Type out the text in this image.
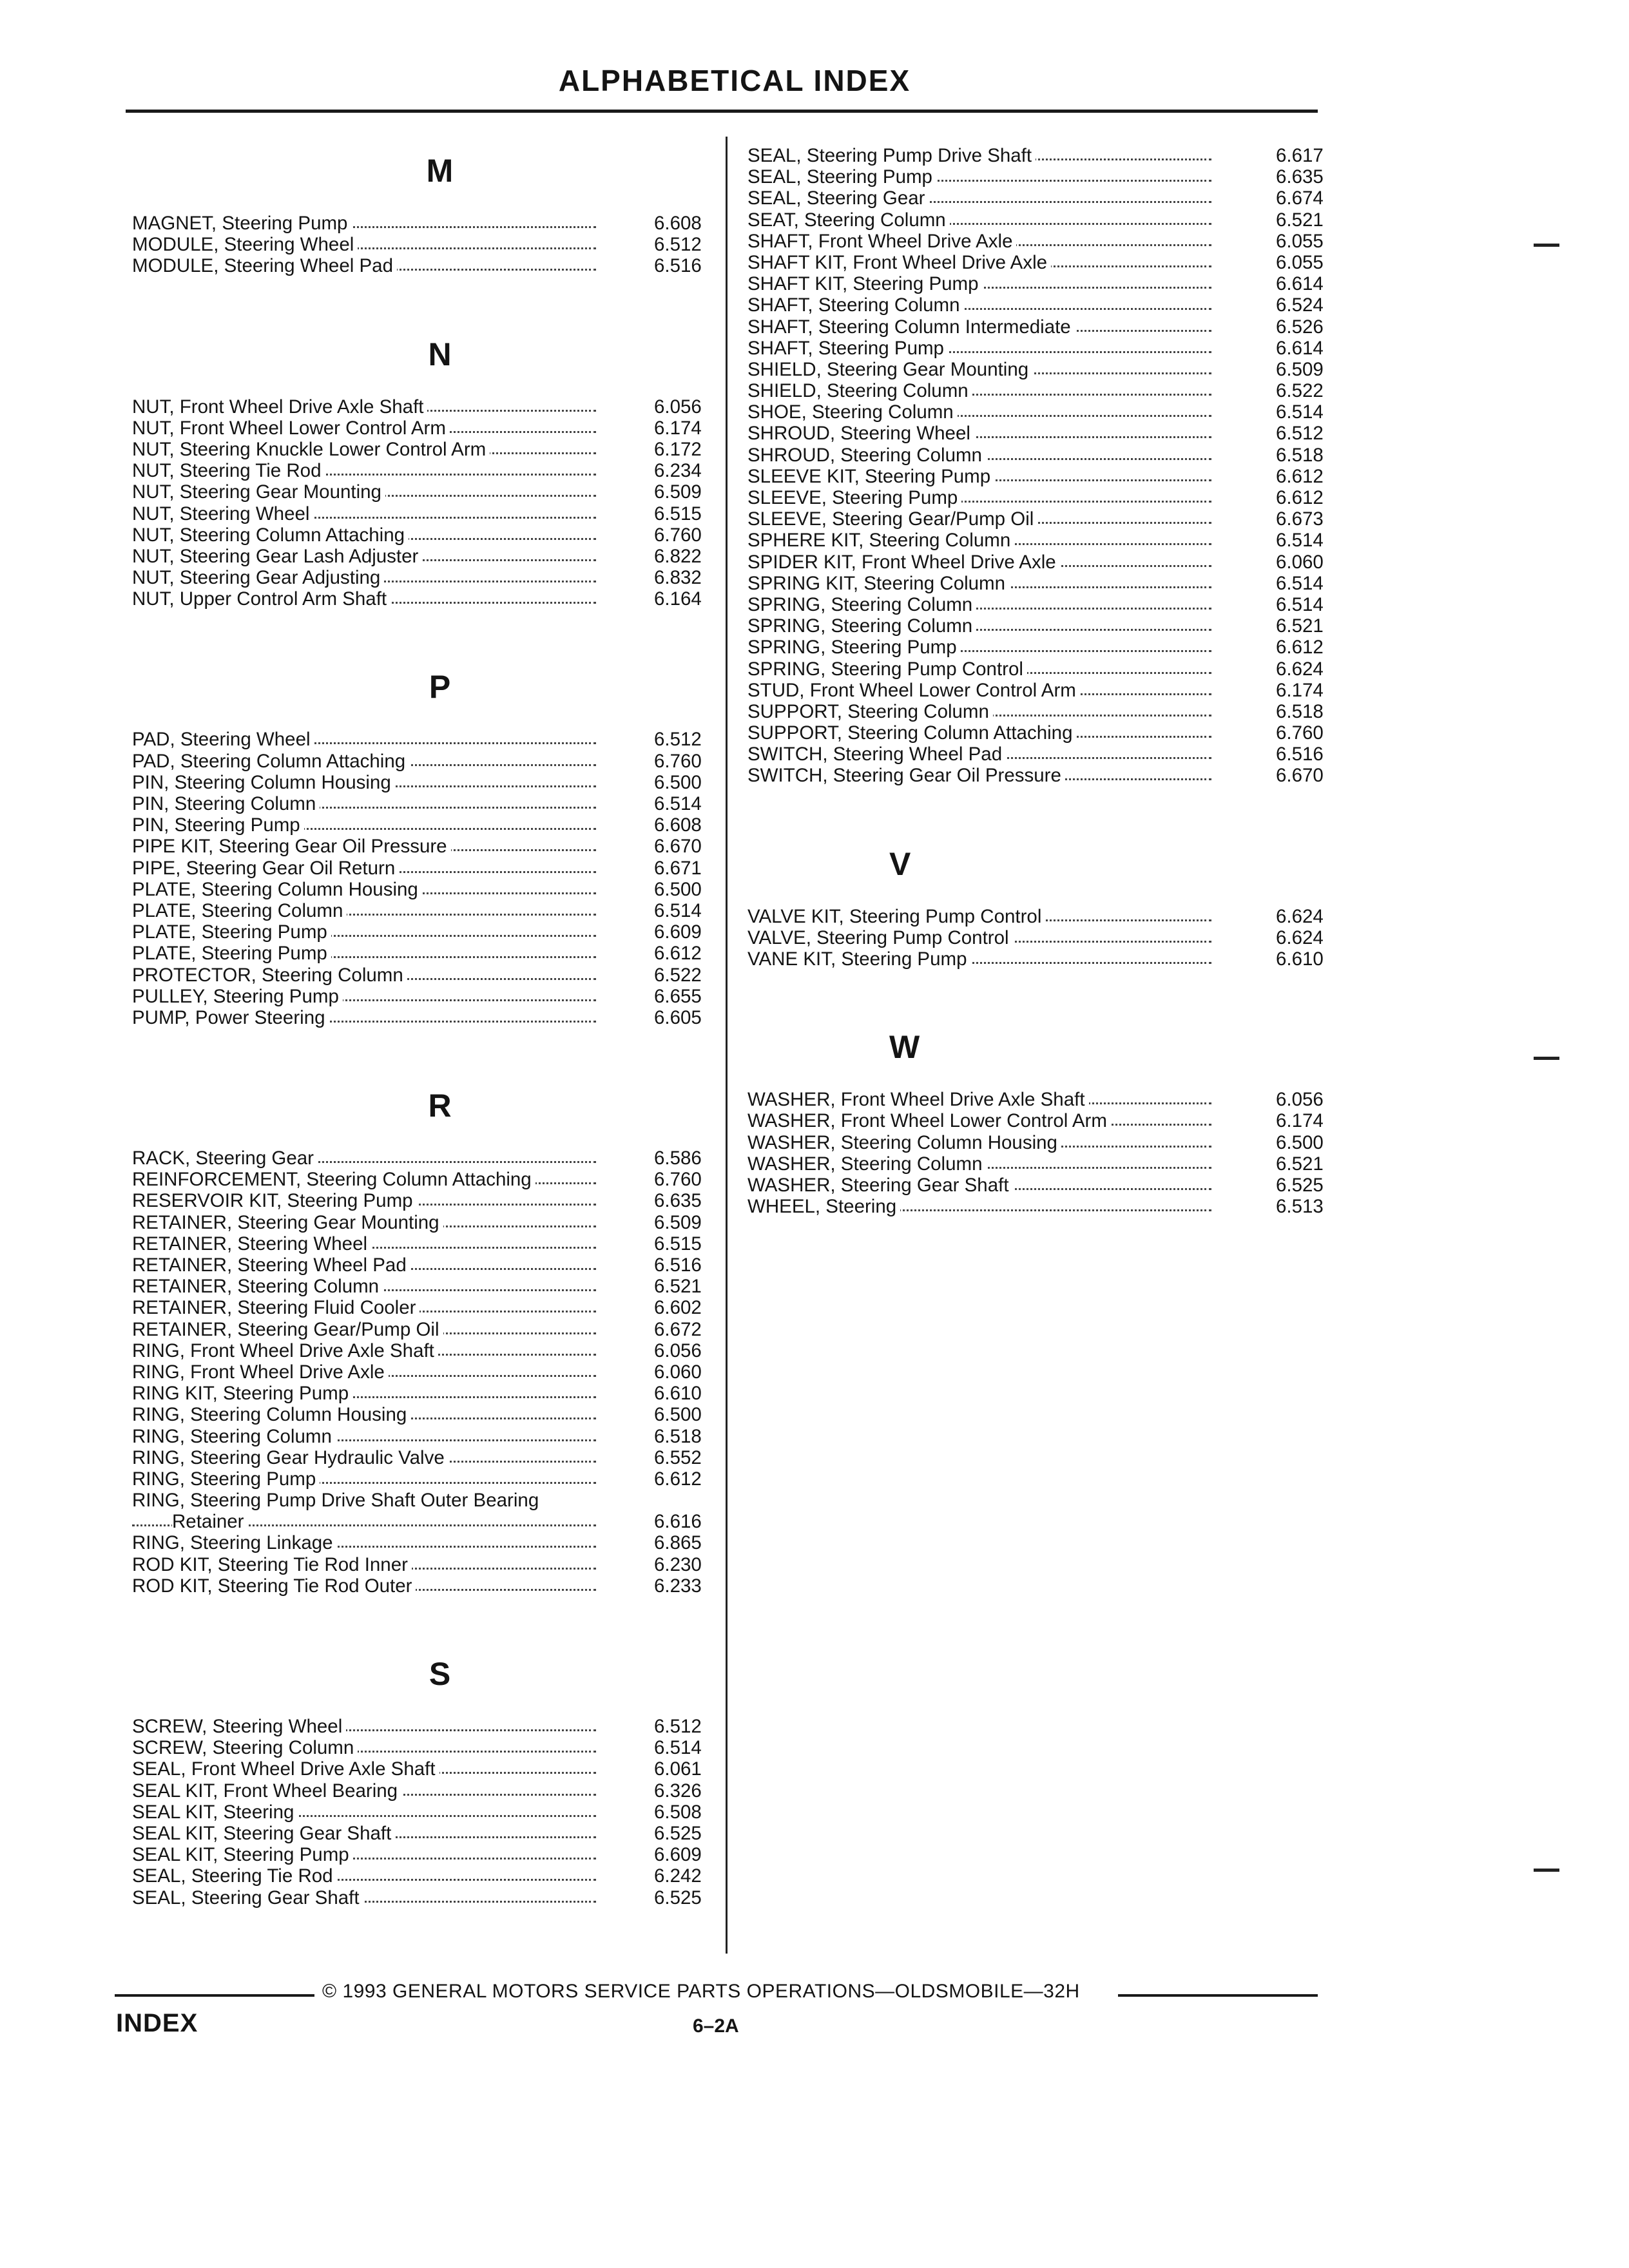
ALPHABETICAL INDEX
M
MAGNET, Steering Pump	6.608
MODULE, Steering Wheel	6.512
MODULE, Steering Wheel Pad	6.516
N
NUT, Front Wheel Drive Axle Shaft	6.056
NUT, Front Wheel Lower Control Arm	6.174
NUT, Steering Knuckle Lower Control Arm	6.172
NUT, Steering Tie Rod	6.234
NUT, Steering Gear Mounting	6.509
NUT, Steering Wheel	6.515
NUT, Steering Column Attaching	6.760
NUT, Steering Gear Lash Adjuster	6.822
NUT, Steering Gear Adjusting	6.832
NUT, Upper Control Arm Shaft	6.164
P
PAD, Steering Wheel	6.512
PAD, Steering Column Attaching	6.760
PIN, Steering Column Housing	6.500
PIN, Steering Column	6.514
PIN, Steering Pump	6.608
PIPE KIT, Steering Gear Oil Pressure	6.670
PIPE, Steering Gear Oil Return	6.671
PLATE, Steering Column Housing	6.500
PLATE, Steering Column	6.514
PLATE, Steering Pump	6.609
PLATE, Steering Pump	6.612
PROTECTOR, Steering Column	6.522
PULLEY, Steering Pump	6.655
PUMP, Power Steering	6.605
R
RACK, Steering Gear	6.586
REINFORCEMENT, Steering Column Attaching	6.760
RESERVOIR KIT, Steering Pump	6.635
RETAINER, Steering Gear Mounting	6.509
RETAINER, Steering Wheel	6.515
RETAINER, Steering Wheel Pad	6.516
RETAINER, Steering Column	6.521
RETAINER, Steering Fluid Cooler	6.602
RETAINER, Steering Gear/Pump Oil	6.672
RING, Front Wheel Drive Axle Shaft	6.056
RING, Front Wheel Drive Axle	6.060
RING KIT, Steering Pump	6.610
RING, Steering Column Housing	6.500
RING, Steering Column	6.518
RING, Steering Gear Hydraulic Valve	6.552
RING, Steering Pump	6.612
RING, Steering Pump Drive Shaft Outer Bearing
Retainer	6.616
RING, Steering Linkage	6.865
ROD KIT, Steering Tie Rod Inner	6.230
ROD KIT, Steering Tie Rod Outer	6.233
S
SCREW, Steering Wheel	6.512
SCREW, Steering Column	6.514
SEAL, Front Wheel Drive Axle Shaft	6.061
SEAL KIT, Front Wheel Bearing	6.326
SEAL KIT, Steering	6.508
SEAL KIT, Steering Gear Shaft	6.525
SEAL KIT, Steering Pump	6.609
SEAL, Steering Tie Rod	6.242
SEAL, Steering Gear Shaft	6.525
SEAL, Steering Pump Drive Shaft	6.617
SEAL, Steering Pump	6.635
SEAL, Steering Gear	6.674
SEAT, Steering Column	6.521
SHAFT, Front Wheel Drive Axle	6.055
SHAFT KIT, Front Wheel Drive Axle	6.055
SHAFT KIT, Steering Pump	6.614
SHAFT, Steering Column	6.524
SHAFT, Steering Column Intermediate	6.526
SHAFT, Steering Pump	6.614
SHIELD, Steering Gear Mounting	6.509
SHIELD, Steering Column	6.522
SHOE, Steering Column	6.514
SHROUD, Steering Wheel	6.512
SHROUD, Steering Column	6.518
SLEEVE KIT, Steering Pump	6.612
SLEEVE, Steering Pump	6.612
SLEEVE, Steering Gear/Pump Oil	6.673
SPHERE KIT, Steering Column	6.514
SPIDER KIT, Front Wheel Drive Axle	6.060
SPRING KIT, Steering Column	6.514
SPRING, Steering Column	6.514
SPRING, Steering Column	6.521
SPRING, Steering Pump	6.612
SPRING, Steering Pump Control	6.624
STUD, Front Wheel Lower Control Arm	6.174
SUPPORT, Steering Column	6.518
SUPPORT, Steering Column Attaching	6.760
SWITCH, Steering Wheel Pad	6.516
SWITCH, Steering Gear Oil Pressure	6.670
V
VALVE KIT, Steering Pump Control	6.624
VALVE, Steering Pump Control	6.624
VANE KIT, Steering Pump	6.610
W
WASHER, Front Wheel Drive Axle Shaft	6.056
WASHER, Front Wheel Lower Control Arm	6.174
WASHER, Steering Column Housing	6.500
WASHER, Steering Column	6.521
WASHER, Steering Gear Shaft	6.525
WHEEL, Steering	6.513
© 1993 GENERAL MOTORS SERVICE PARTS OPERATIONS—OLDSMOBILE—32H
INDEX	6–2A
